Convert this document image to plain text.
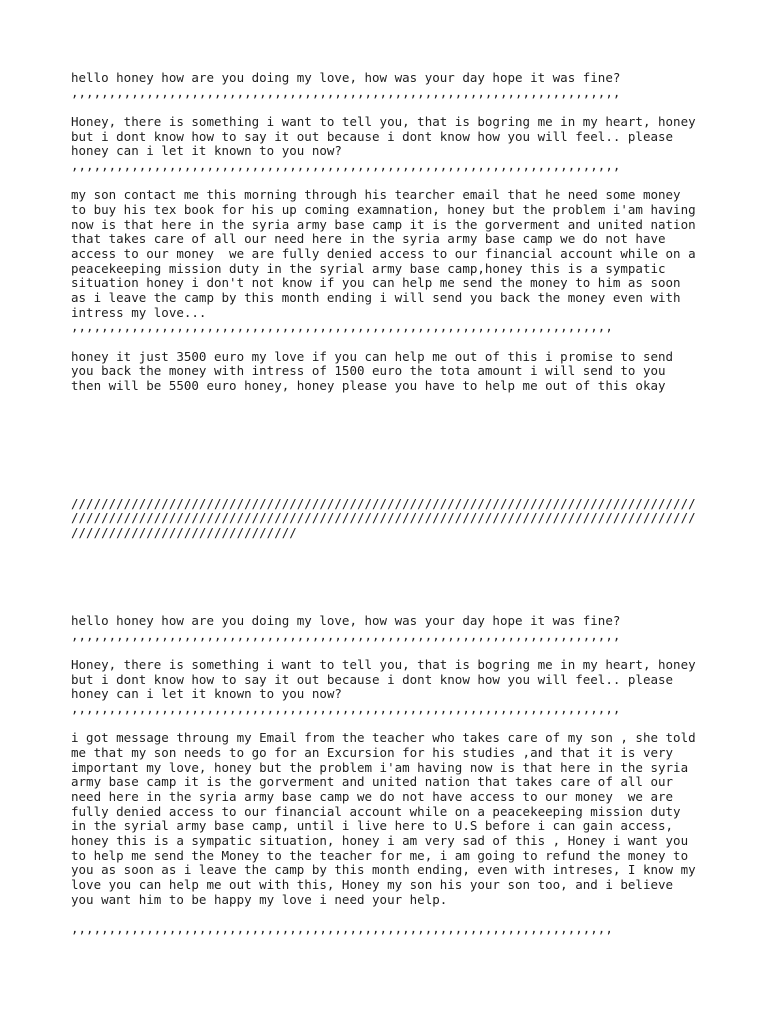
hello honey how are you doing my love, how was your day hope it was fine?
,,,,,,,,,,,,,,,,,,,,,,,,,,,,,,,,,,,,,,,,,,,,,,,,,,,,,,,,,,,,,,,,,,,,,,,,,
Honey, there is something i want to tell you, that is bogring me in my heart, honey
but i dont know how to say it out because i dont know how you will feel.. please
honey can i let it known to you now?
,,,,,,,,,,,,,,,,,,,,,,,,,,,,,,,,,,,,,,,,,,,,,,,,,,,,,,,,,,,,,,,,,,,,,,,,,
my son contact me this morning through his tearcher email that he need some money
to buy his tex book for his up coming examnation, honey but the problem i'am having
now is that here in the syria army base camp it is the gorverment and united nation
that takes care of all our need here in the syria army base camp we do not have
access to our money  we are fully denied access to our financial account while on a
peacekeeping mission duty in the syrial army base camp,honey this is a sympatic
situation honey i don't not know if you can help me send the money to him as soon
as i leave the camp by this month ending i will send you back the money even with
intress my love...
,,,,,,,,,,,,,,,,,,,,,,,,,,,,,,,,,,,,,,,,,,,,,,,,,,,,,,,,,,,,,,,,,,,,,,,,
honey it just 3500 euro my love if you can help me out of this i promise to send
you back the money with intress of 1500 euro the tota amount i will send to you
then will be 5500 euro honey, honey please you have to help me out of this okay
///////////////////////////////////////////////////////////////////////////////////
///////////////////////////////////////////////////////////////////////////////////
//////////////////////////////
hello honey how are you doing my love, how was your day hope it was fine?
,,,,,,,,,,,,,,,,,,,,,,,,,,,,,,,,,,,,,,,,,,,,,,,,,,,,,,,,,,,,,,,,,,,,,,,,,
Honey, there is something i want to tell you, that is bogring me in my heart, honey
but i dont know how to say it out because i dont know how you will feel.. please
honey can i let it known to you now?
,,,,,,,,,,,,,,,,,,,,,,,,,,,,,,,,,,,,,,,,,,,,,,,,,,,,,,,,,,,,,,,,,,,,,,,,,
i got message throung my Email from the teacher who takes care of my son , she told
me that my son needs to go for an Excursion for his studies ,and that it is very
important my love, honey but the problem i'am having now is that here in the syria
army base camp it is the gorverment and united nation that takes care of all our
need here in the syria army base camp we do not have access to our money  we are
fully denied access to our financial account while on a peacekeeping mission duty
in the syrial army base camp, until i live here to U.S before i can gain access,
honey this is a sympatic situation, honey i am very sad of this , Honey i want you
to help me send the Money to the teacher for me, i am going to refund the money to
you as soon as i leave the camp by this month ending, even with intreses, I know my
love you can help me out with this, Honey my son his your son too, and i believe
you want him to be happy my love i need your help.
,,,,,,,,,,,,,,,,,,,,,,,,,,,,,,,,,,,,,,,,,,,,,,,,,,,,,,,,,,,,,,,,,,,,,,,,
